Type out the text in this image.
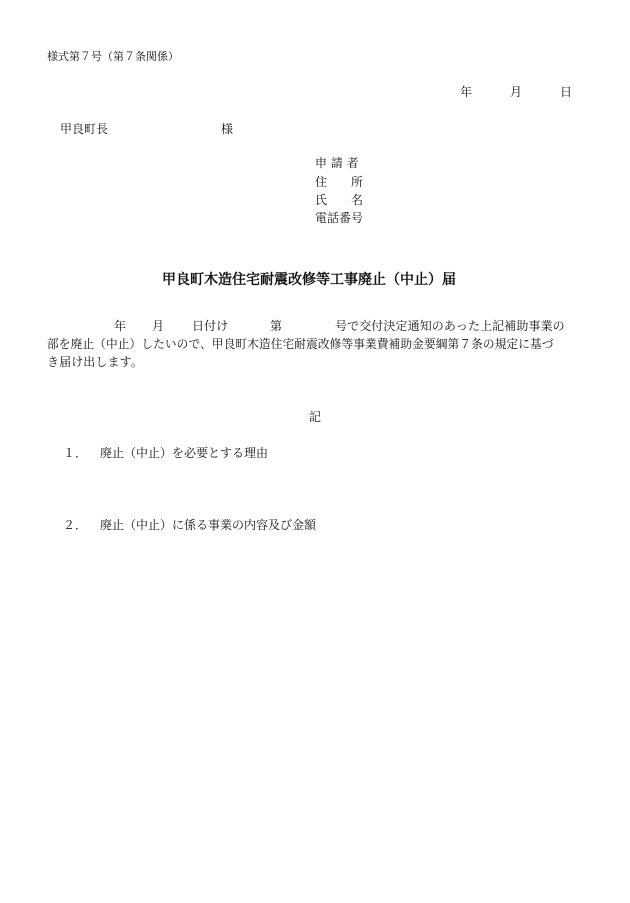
様式第７号（第７条関係）

年	月	日
甲良町長	様
申 請 者
住　　所
氏　　名
電話番号
甲良町木造住宅耐震改修等工事廃止（中止）届
年 月 日付け	第	号で交付決定通知のあった上記補助事業の
部を廃止（中止）したいので、甲良町木造住宅耐震改修等事業費補助金要綱第７条の規定に基づ
き届け出します。
記
１． 廃止（中止）を必要とする理由
２． 廃止（中止）に係る事業の内容及び金額
